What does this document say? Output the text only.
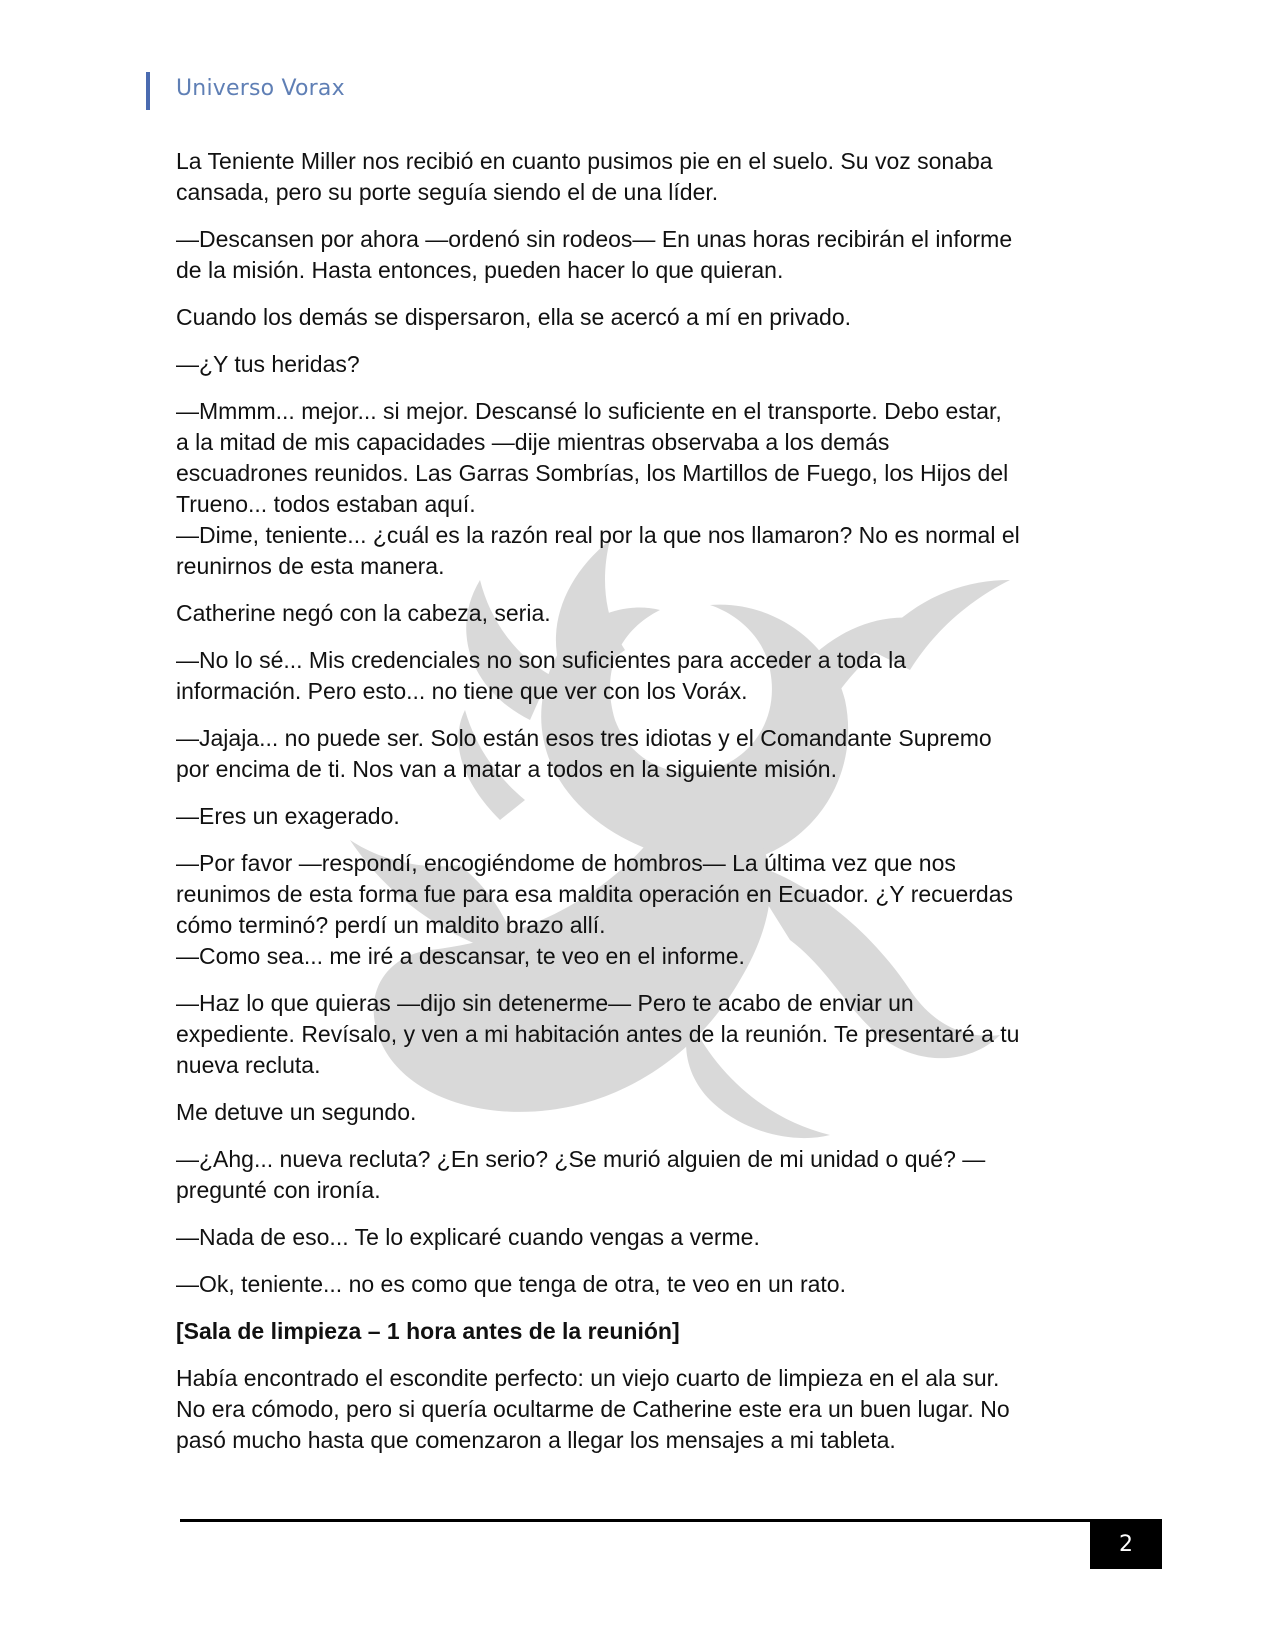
Universo Vorax

La Teniente Miller nos recibió en cuanto pusimos pie en el suelo. Su voz sonaba
cansada, pero su porte seguía siendo el de una líder.

—Descansen por ahora —ordenó sin rodeos— En unas horas recibirán el informe
de la misión. Hasta entonces, pueden hacer lo que quieran.

Cuando los demás se dispersaron, ella se acercó a mí en privado.

—¿Y tus heridas?

—Mmmm... mejor... si mejor. Descansé lo suficiente en el transporte. Debo estar,
a la mitad de mis capacidades —dije mientras observaba a los demás
escuadrones reunidos. Las Garras Sombrías, los Martillos de Fuego, los Hijos del
Trueno... todos estaban aquí.
—Dime, teniente... ¿cuál es la razón real por la que nos llamaron? No es normal el
reunirnos de esta manera.

Catherine negó con la cabeza, seria.

—No lo sé... Mis credenciales no son suficientes para acceder a toda la
información. Pero esto... no tiene que ver con los Voráx.

—Jajaja... no puede ser. Solo están esos tres idiotas y el Comandante Supremo
por encima de ti. Nos van a matar a todos en la siguiente misión.

—Eres un exagerado.

—Por favor —respondí, encogiéndome de hombros— La última vez que nos
reunimos de esta forma fue para esa maldita operación en Ecuador. ¿Y recuerdas
cómo terminó? perdí un maldito brazo allí.
—Como sea... me iré a descansar, te veo en el informe.

—Haz lo que quieras —dijo sin detenerme— Pero te acabo de enviar un
expediente. Revísalo, y ven a mi habitación antes de la reunión. Te presentaré a tu
nueva recluta.

Me detuve un segundo.

—¿Ahg... nueva recluta? ¿En serio? ¿Se murió alguien de mi unidad o qué? —
pregunté con ironía.

—Nada de eso... Te lo explicaré cuando vengas a verme.

—Ok, teniente... no es como que tenga de otra, te veo en un rato.

[Sala de limpieza – 1 hora antes de la reunión]

Había encontrado el escondite perfecto: un viejo cuarto de limpieza en el ala sur.
No era cómodo, pero si quería ocultarme de Catherine este era un buen lugar. No
pasó mucho hasta que comenzaron a llegar los mensajes a mi tableta.

2
